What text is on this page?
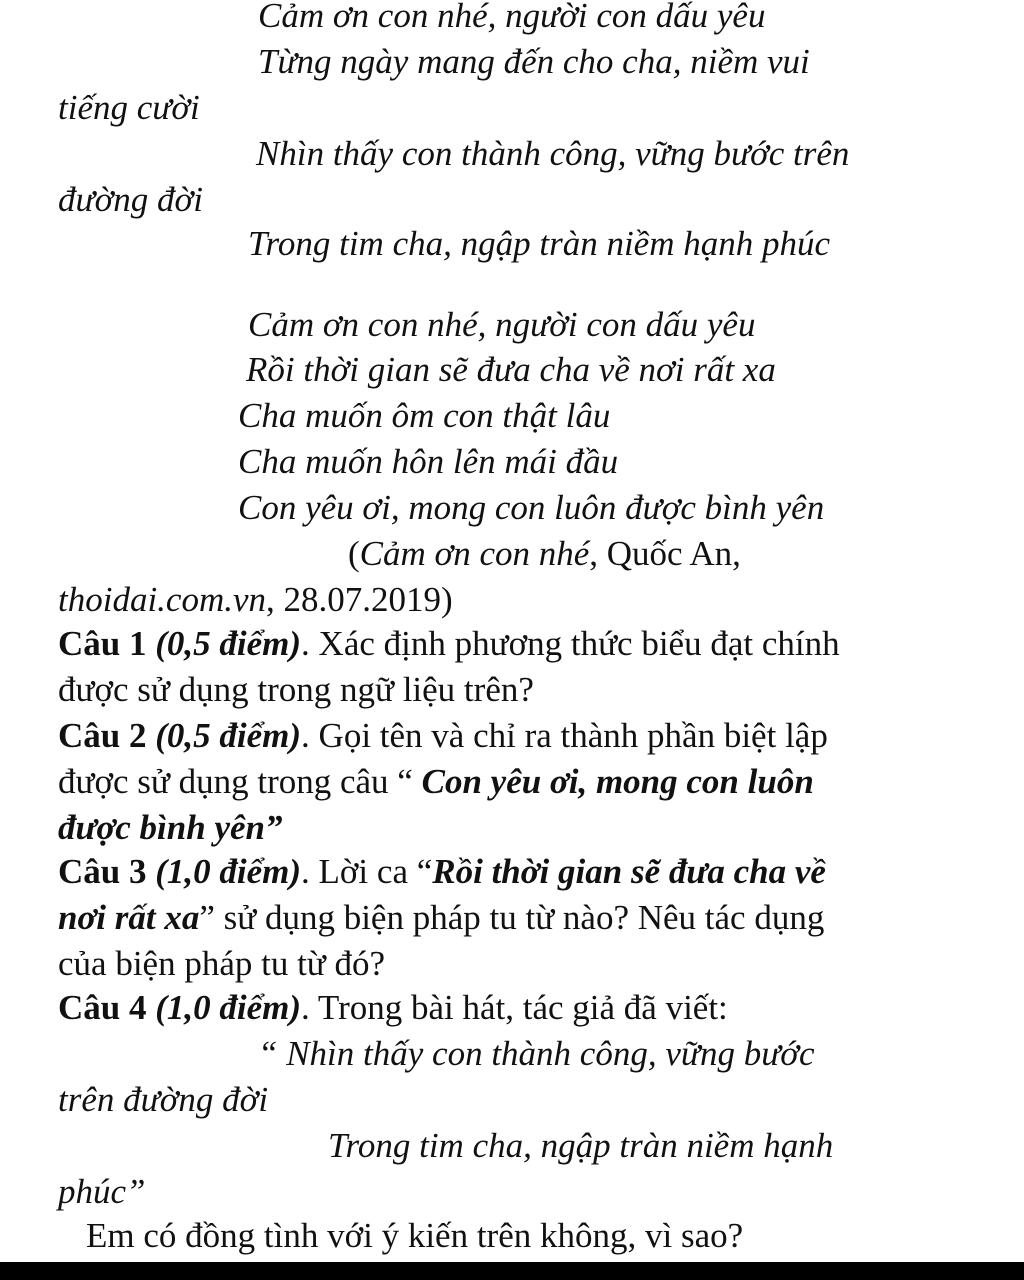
Cảm ơn con nhé, người con dấu yêu
Từng ngày mang đến cho cha, niềm vui
tiếng cười
Nhìn thấy con thành công, vững bước trên
đường đời
Trong tim cha, ngập tràn niềm hạnh phúc
Cảm ơn con nhé, người con dấu yêu
Rồi thời gian sẽ đưa cha về nơi rất xa
Cha muốn ôm con thật lâu
Cha muốn hôn lên mái đầu
Con yêu ơi, mong con luôn được bình yên
(Cảm ơn con nhé, Quốc An,
thoidai.com.vn, 28.07.2019)
Câu 1 (0,5 điểm). Xác định phương thức biểu đạt chính
được sử dụng trong ngữ liệu trên?
Câu 2 (0,5 điểm). Gọi tên và chỉ ra thành phần biệt lập
được sử dụng trong câu “ Con yêu ơi, mong con luôn
được bình yên”
Câu 3 (1,0 điểm). Lời ca “Rồi thời gian sẽ đưa cha về
nơi rất xa” sử dụng biện pháp tu từ nào? Nêu tác dụng
của biện pháp tu từ đó?
Câu 4 (1,0 điểm). Trong bài hát, tác giả đã viết:
“ Nhìn thấy con thành công, vững bước
trên đường đời
Trong tim cha, ngập tràn niềm hạnh
phúc”
Em có đồng tình với ý kiến trên không, vì sao?
